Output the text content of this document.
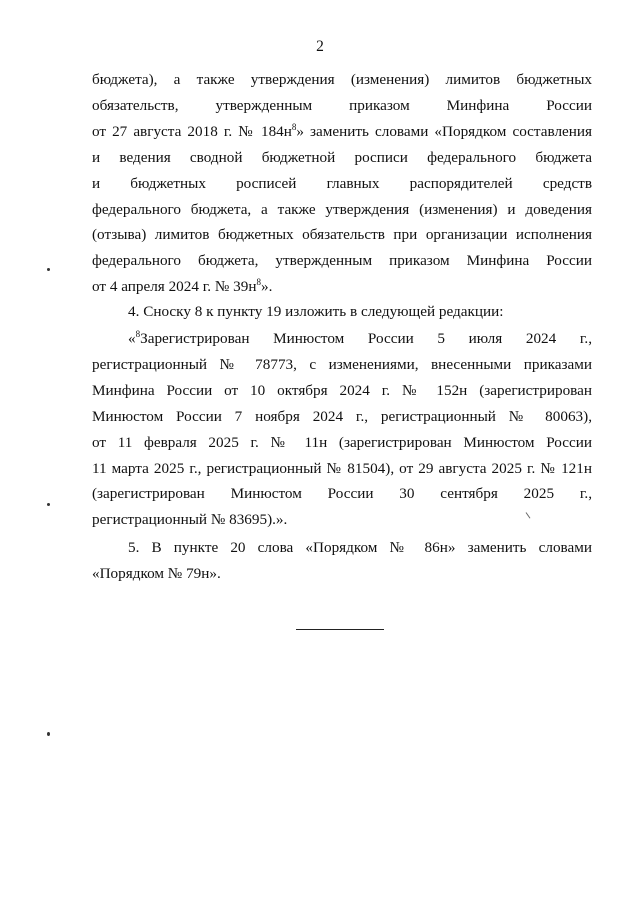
2
бюджета), а также утверждения (изменения) лимитов бюджетных
обязательств, утвержденным приказом Минфина России
от 27 августа 2018 г. № $184н^8$» заменить словами «Порядком составления
и ведения сводной бюджетной росписи федерального бюджета
и бюджетных росписей главных распорядителей средств
федерального бюджета, а также утверждения (изменения) и доведения
(отзыва) лимитов бюджетных обязательств при организации исполнения
федерального бюджета, утвержденным приказом Минфина России
от 4 апреля 2024 г. № $39н^8$».
4. Сноску 8 к пункту 19 изложить в следующей редакции:
«$^8$Зарегистрирован Минюстом России 5 июля 2024 г.,
регистрационный № 78773, с изменениями, внесенными приказами
Минфина России от 10 октября 2024 г. № 152н (зарегистрирован
Минюстом России 7 ноября 2024 г., регистрационный № 80063),
от 11 февраля 2025 г. № 11н (зарегистрирован Минюстом России
11 марта 2025 г., регистрационный № 81504), от 29 августа 2025 г. № 121н
(зарегистрирован Минюстом России 30 сентября 2025 г.,
регистрационный № 83695).».
5. В пункте 20 слова «Порядком № 86н» заменить словами
«Порядком № 79н».
